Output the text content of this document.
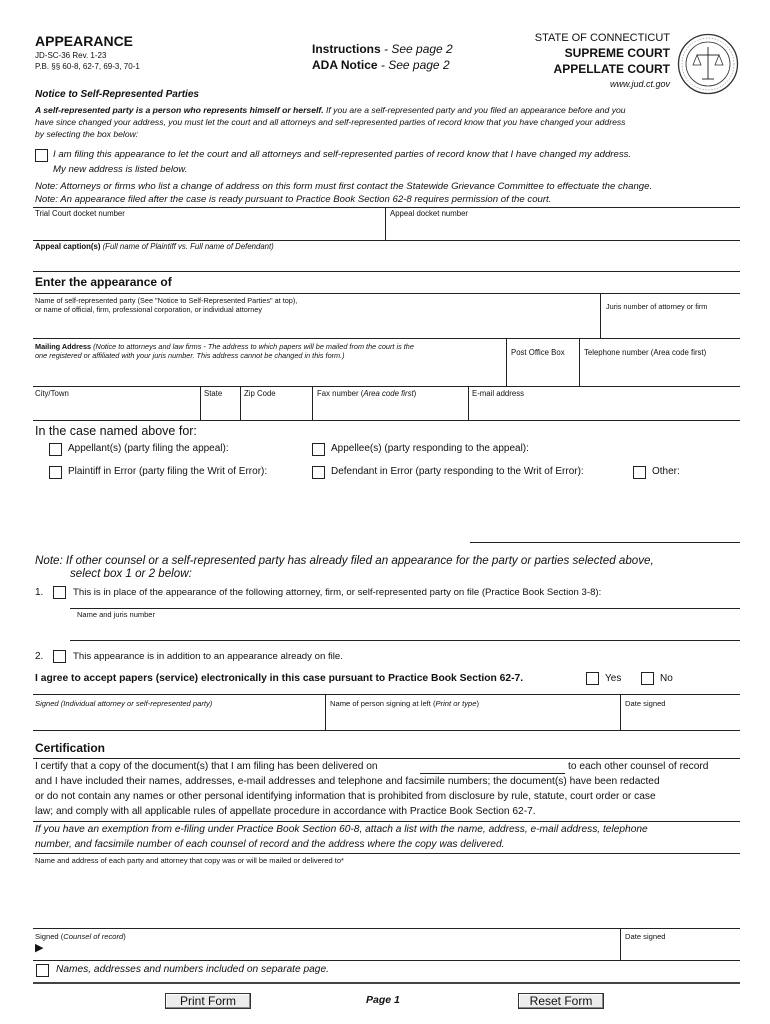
APPEARANCE
JD-SC-36 Rev. 1-23
P.B. §§ 60-8, 62-7, 69-3, 70-1
Instructions - See page 2
ADA Notice - See page 2
STATE OF CONNECTICUT
SUPREME COURT
APPELLATE COURT
www.jud.ct.gov
Notice to Self-Represented Parties
A self-represented party is a person who represents himself or herself. If you are a self-represented party and you filed an appearance before and you
have since changed your address, you must let the court and all attorneys and self-represented parties of record know that you have changed your address
by selecting the box below:
I am filing this appearance to let the court and all attorneys and self-represented parties of record know that I have changed my address.
My new address is listed below.
Note: Attorneys or firms who list a change of address on this form must first contact the Statewide Grievance Committee to effectuate the change.
Note: An appearance filed after the case is ready pursuant to Practice Book Section 62-8 requires permission of the court.
Trial Court docket number	Appeal docket number
Appeal caption(s) (Full name of Plaintiff vs. Full name of Defendant)
Enter the appearance of
Name of self-represented party (See "Notice to Self-Represented Parties" at top),
or name of official, firm, professional corporation, or individual attorney	Juris number of attorney or firm
Mailing Address (Notice to attorneys and law firms - The address to which papers will be mailed from the court is the
one registered or affiliated with your juris number. This address cannot be changed in this form.)	Post Office Box Telephone number (Area code first)
City/Town	State	Zip Code	Fax number (Area code first)	E-mail address
In the case named above for:
Appellant(s) (party filing the appeal):	Appellee(s) (party responding to the appeal):
Plaintiff in Error (party filing the Writ of Error):	Defendant in Error (party responding to the Writ of Error):	Other:
Note: If other counsel or a self-represented party has already filed an appearance for the party or parties selected above,
select box 1 or 2 below:
1.	This is in place of the appearance of the following attorney, firm, or self-represented party on file (Practice Book Section 3-8):
Name and juris number
2.	This appearance is in addition to an appearance already on file.
I agree to accept papers (service) electronically in this case pursuant to Practice Book Section 62-7.	Yes	No
Signed (Individual attorney or self-represented party)	Name of person signing at left (Print or type)	Date signed
Certification
I certify that a copy of the document(s) that I am filing has been delivered on	to each other counsel of record
and I have included their names, addresses, e-mail addresses and telephone and facsimile numbers; the document(s) have been redacted
or do not contain any names or other personal identifying information that is prohibited from disclosure by rule, statute, court order or case
law; and comply with all applicable rules of appellate procedure in accordance with Practice Book Section 62-7.
If you have an exemption from e-filing under Practice Book Section 60-8, attach a list with the name, address, e-mail address, telephone
number, and facsimile number of each counsel of record and the address where the copy was delivered.
Name and address of each party and attorney that copy was or will be mailed or delivered to*
Signed (Counsel of record)
▶
Date signed
Names, addresses and numbers included on separate page.
Print Form	Page 1	Reset Form
